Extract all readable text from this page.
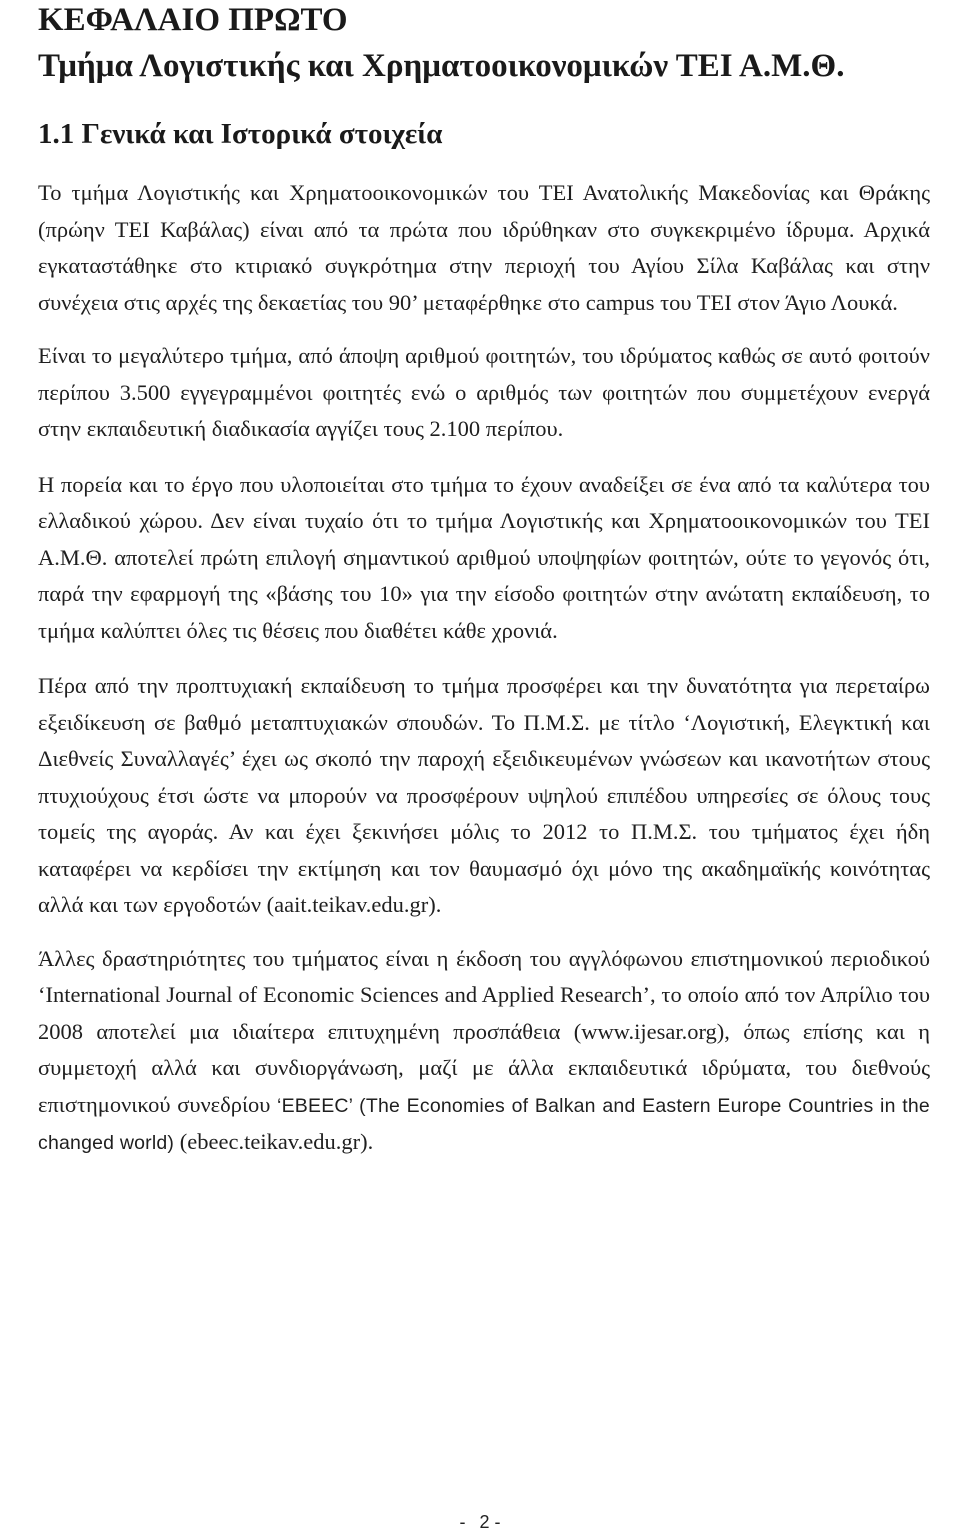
ΚΕΦΑΛΑΙΟ ΠΡΩΤΟ
Τμήμα Λογιστικής και Χρηματοοικονομικών ΤΕΙ Α.Μ.Θ.
1.1 Γενικά και Ιστορικά στοιχεία

Το τμήμα Λογιστικής και Χρηματοοικονομικών του ΤΕΙ Ανατολικής Μακεδονίας και Θράκης (πρώην ΤΕΙ Καβάλας) είναι από τα πρώτα που ιδρύθηκαν στο συγκεκριμένο ίδρυμα. Αρχικά εγκαταστάθηκε στο κτιριακό συγκρότημα στην περιοχή του Αγίου Σίλα Καβάλας και στην συνέχεια στις αρχές της δεκαετίας του 90’ μεταφέρθηκε στο campus του ΤΕΙ στον Άγιο Λουκά.

Είναι το μεγαλύτερο τμήμα, από άποψη αριθμού φοιτητών, του ιδρύματος καθώς σε αυτό φοιτούν περίπου 3.500 εγγεγραμμένοι φοιτητές ενώ ο αριθμός των φοιτητών που συμμετέχουν ενεργά στην εκπαιδευτική διαδικασία αγγίζει τους 2.100 περίπου.

Η πορεία και το έργο που υλοποιείται στο τμήμα το έχουν αναδείξει σε ένα από τα καλύτερα του ελλαδικού χώρου. Δεν είναι τυχαίο ότι το τμήμα Λογιστικής και Χρηματοοικονομικών του ΤΕΙ Α.Μ.Θ. αποτελεί πρώτη επιλογή σημαντικού αριθμού υποψηφίων φοιτητών, ούτε το γεγονός ότι, παρά την εφαρμογή της «βάσης του 10» για την είσοδο φοιτητών στην ανώτατη εκπαίδευση, το τμήμα καλύπτει όλες τις θέσεις που διαθέτει κάθε χρονιά.

Πέρα από την προπτυχιακή εκπαίδευση το τμήμα προσφέρει και την δυνατότητα για περεταίρω εξειδίκευση σε βαθμό μεταπτυχιακών σπουδών. Το Π.Μ.Σ. με τίτλο ‘Λογιστική, Ελεγκτική και Διεθνείς Συναλλαγές’ έχει ως σκοπό την παροχή εξειδικευμένων γνώσεων και ικανοτήτων στους πτυχιούχους έτσι ώστε να μπορούν να προσφέρουν υψηλού επιπέδου υπηρεσίες σε όλους τους τομείς της αγοράς. Αν και έχει ξεκινήσει μόλις το 2012 το Π.Μ.Σ. του τμήματος έχει ήδη καταφέρει να κερδίσει την εκτίμηση και τον θαυμασμό όχι μόνο της ακαδημαϊκής κοινότητας αλλά και των εργοδοτών (aait.teikav.edu.gr).

Άλλες δραστηριότητες του τμήματος είναι η έκδοση του αγγλόφωνου επιστημονικού περιοδικού ‘International Journal of Economic Sciences and Applied Research’, το οποίο από τον Απρίλιο του 2008 αποτελεί μια ιδιαίτερα επιτυχημένη προσπάθεια (www.ijesar.org), όπως επίσης και η συμμετοχή αλλά και συνδιοργάνωση, μαζί με άλλα εκπαιδευτικά ιδρύματα, του διεθνούς επιστημονικού συνεδρίου ‘EBEEC’ (The Economies of Balkan and Eastern Europe Countries in the changed world) (ebeec.teikav.edu.gr).

- 2 -
